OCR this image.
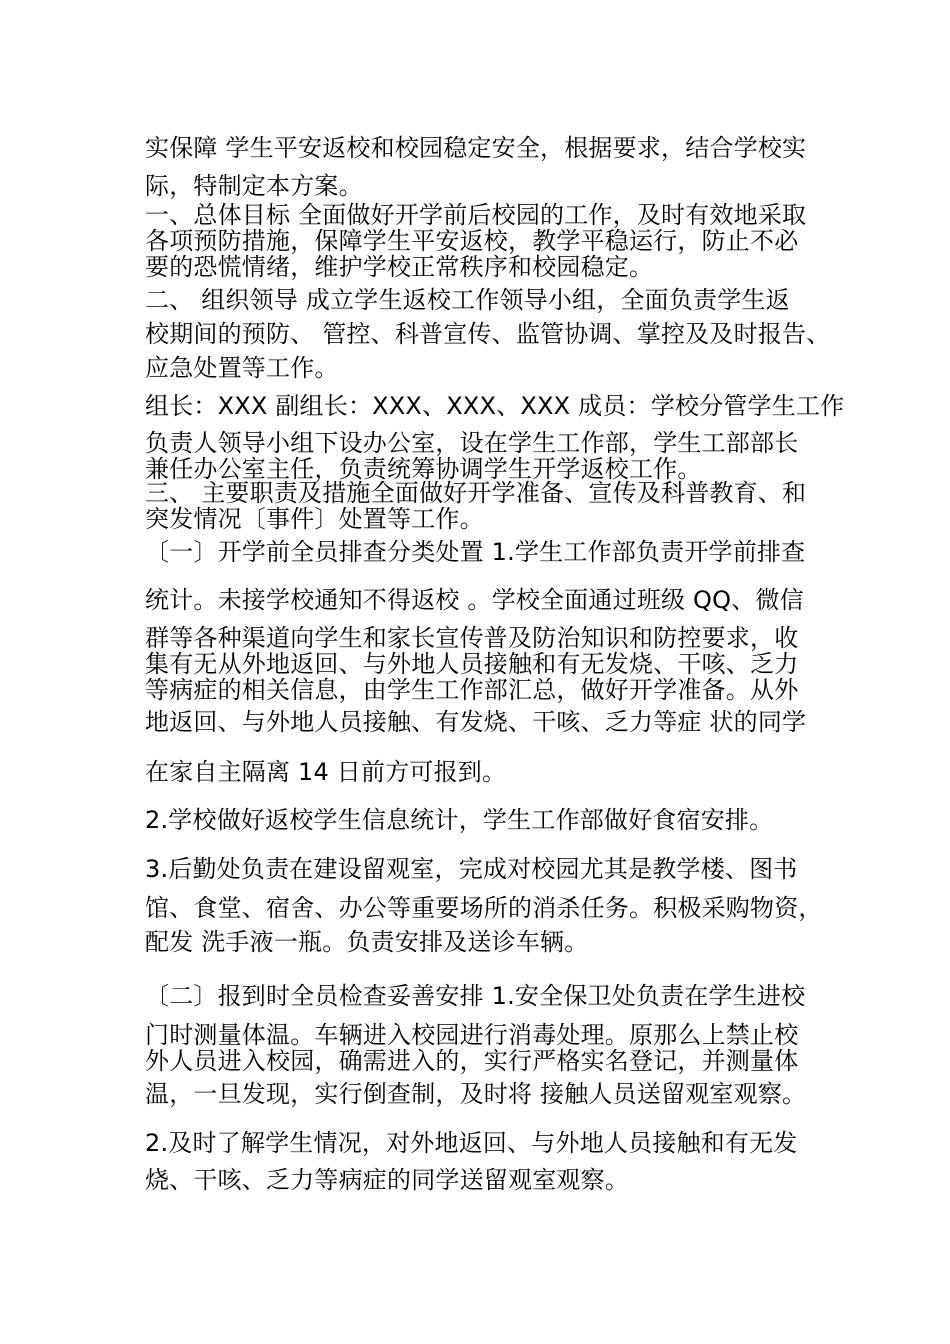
实保障 学生平安返校和校园稳定安全，根据要求，结合学校实

际，特制定本方案。

一、总体目标 全面做好开学前后校园的工作，及时有效地采取

各项预防措施，保障学生平安返校，教学平稳运行，防止不必

要的恐慌情绪，维护学校正常秩序和校园稳定。

二、 组织领导 成立学生返校工作领导小组，全面负责学生返

校期间的预防、 管控、科普宣传、监管协调、掌控及及时报告、

应急处置等工作。

组长：XXX 副组长：XXX、XXX、XXX 成员：学校分管学生工作

负责人领导小组下设办公室，设在学生工作部，学生工部部长

兼任办公室主任，负责统筹协调学生开学返校工作。

三、 主要职责及措施全面做好开学准备、宣传及科普教育、和

突发情况〔事件〕处置等工作。

〔一〕开学前全员排查分类处置 1.学生工作部负责开学前排查

统计。未接学校通知不得返校 。学校全面通过班级 QQ、微信

群等各种渠道向学生和家长宣传普及防治知识和防控要求，收

集有无从外地返回、与外地人员接触和有无发烧、干咳、乏力

等病症的相关信息，由学生工作部汇总，做好开学准备。从外

地返回、与外地人员接触、有发烧、干咳、乏力等症 状的同学

在家自主隔离 14 日前方可报到。

2.学校做好返校学生信息统计，学生工作部做好食宿安排。

3.后勤处负责在建设留观室，完成对校园尤其是教学楼、图书

馆、食堂、宿舍、办公等重要场所的消杀任务。积极采购物资，

配发 洗手液一瓶。负责安排及送诊车辆。

〔二〕报到时全员检查妥善安排 1.安全保卫处负责在学生进校

门时测量体温。车辆进入校园进行消毒处理。原那么上禁止校

外人员进入校园，确需进入的，实行严格实名登记，并测量体

温，一旦发现，实行倒查制，及时将 接触人员送留观室观察。

2.及时了解学生情况，对外地返回、与外地人员接触和有无发

烧、干咳、乏力等病症的同学送留观室观察。
